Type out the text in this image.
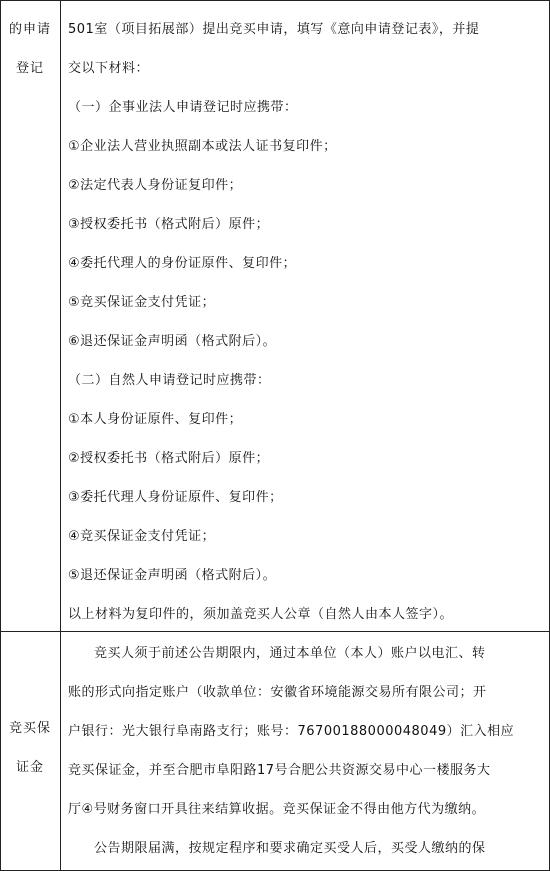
的申请
登记
501室（项目拓展部）提出竞买申请，填写《意向申请登记表》，并提
交以下材料：
（一）企事业法人申请登记时应携带：
①企业法人营业执照副本或法人证书复印件；
②法定代表人身份证复印件；
③授权委托书（格式附后）原件；
④委托代理人的身份证原件、复印件；
⑤竞买保证金支付凭证；
⑥退还保证金声明函（格式附后）。
（二）自然人申请登记时应携带：
①本人身份证原件、复印件；
②授权委托书（格式附后）原件；
③委托代理人身份证原件、复印件；
④竞买保证金支付凭证；
⑤退还保证金声明函（格式附后）。
以上材料为复印件的，须加盖竞买人公章（自然人由本人签字）。
竞买保
证金
竞买人须于前述公告期限内，通过本单位（本人）账户以电汇、转
账的形式向指定账户（收款单位：安徽省环境能源交易所有限公司；开
户银行：光大银行阜南路支行；账号：76700188000048049）汇入相应
竞买保证金，并至合肥市阜阳路17号合肥公共资源交易中心一楼服务大
厅④号财务窗口开具往来结算收据。竞买保证金不得由他方代为缴纳。
公告期限届满，按规定程序和要求确定买受人后，买受人缴纳的保
